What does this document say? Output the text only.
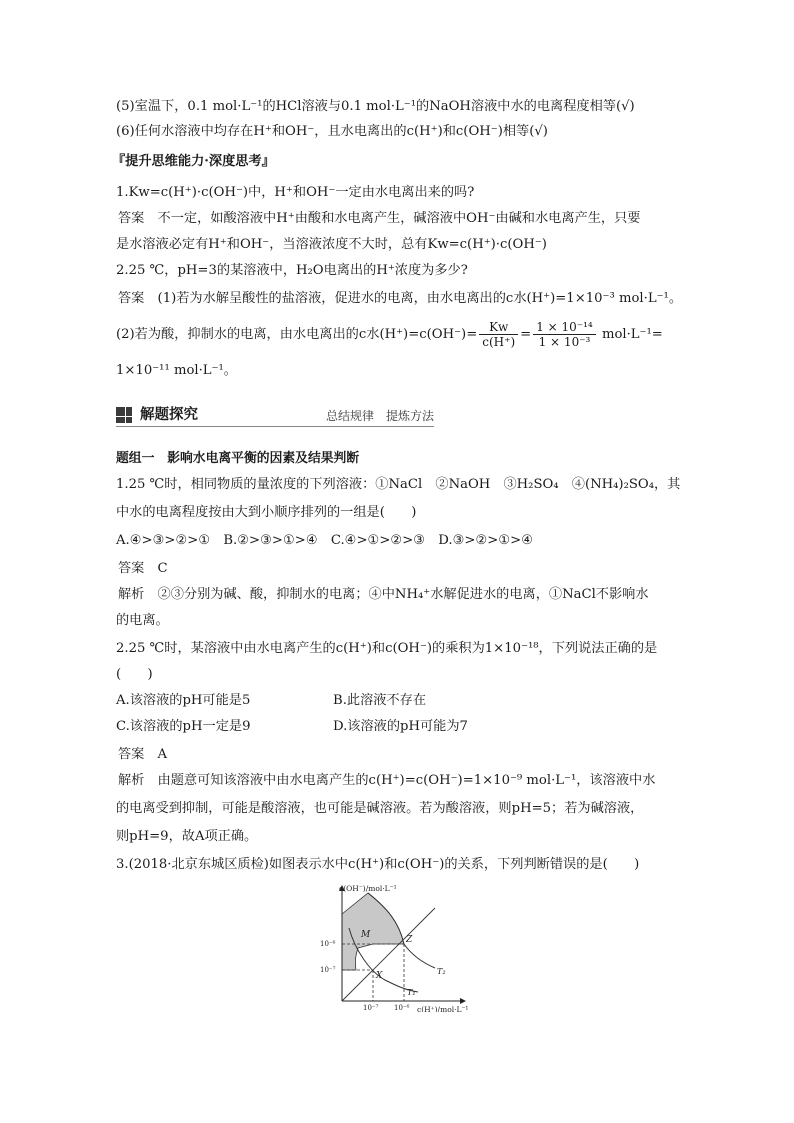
(5)室温下，0.1 mol·L⁻¹的HCl溶液与0.1 mol·L⁻¹的NaOH溶液中水的电离程度相等(√)
(6)任何水溶液中均存在H⁺和OH⁻，且水电离出的c(H⁺)和c(OH⁻)相等(√)
『提升思维能力·深度思考』
1.Kw=c(H⁺)·c(OH⁻)中，H⁺和OH⁻一定由水电离出来的吗?
答案　不一定，如酸溶液中H⁺由酸和水电离产生，碱溶液中OH⁻由碱和水电离产生，只要
是水溶液必定有H⁺和OH⁻，当溶液浓度不大时，总有Kw=c(H⁺)·c(OH⁻)
2.25 ℃，pH=3的某溶液中，H₂O电离出的H⁺浓度为多少?
答案　(1)若为水解呈酸性的盐溶液，促进水的电离，由水电离出的c水(H⁺)=1×10⁻³ mol·L⁻¹。
(2)若为酸，抑制水的电离，由水电离出的c水$(H^+)=c(OH^-)= \frac{Kw}{c(H^+)} = \frac{\text{1 × 10⁻¹⁴}}{\text{1 × 10⁻³}} mol\cdot L^{-1}=$
1×10⁻¹¹ mol·L⁻¹。
解题探究	总结规律　提炼方法
题组一　影响水电离平衡的因素及结果判断
1.25 ℃时，相同物质的量浓度的下列溶液：①NaCl　②NaOH　③H₂SO₄　④(NH₄)₂SO₄，其
中水的电离程度按由大到小顺序排列的一组是(　　)
A.④>③>②>①　B.②>③>①>④　C.④>①>②>③　D.③>②>①>④
答案　C
解析　②③分别为碱、酸，抑制水的电离；④中NH₄⁺水解促进水的电离，①NaCl不影响水
的电离。
2.25 ℃时，某溶液中由水电离产生的c(H⁺)和c(OH⁻)的乘积为1×10⁻¹⁸，下列说法正确的是
(　　)
A.该溶液的pH可能是5	B.此溶液不存在
C.该溶液的pH一定是9	D.该溶液的pH可能为7
答案　A
解析　由题意可知该溶液中由水电离产生的c(H⁺)=c(OH⁻)=1×10⁻⁹ mol·L⁻¹，该溶液中水
的电离受到抑制，可能是酸溶液，也可能是碱溶液。若为酸溶液，则pH=5；若为碱溶液，
则pH=9，故A项正确。
3.(2018·北京东城区质检)如图表示水中c(H⁺)和c(OH⁻)的关系，下列判断错误的是(　　)
c(OH⁻)/mol·L⁻¹
c(H⁺)/mol·L⁻¹
10⁻⁶
10⁻⁷
10⁻⁷ 10⁻⁶
M	Z
X
T₁
T₂
